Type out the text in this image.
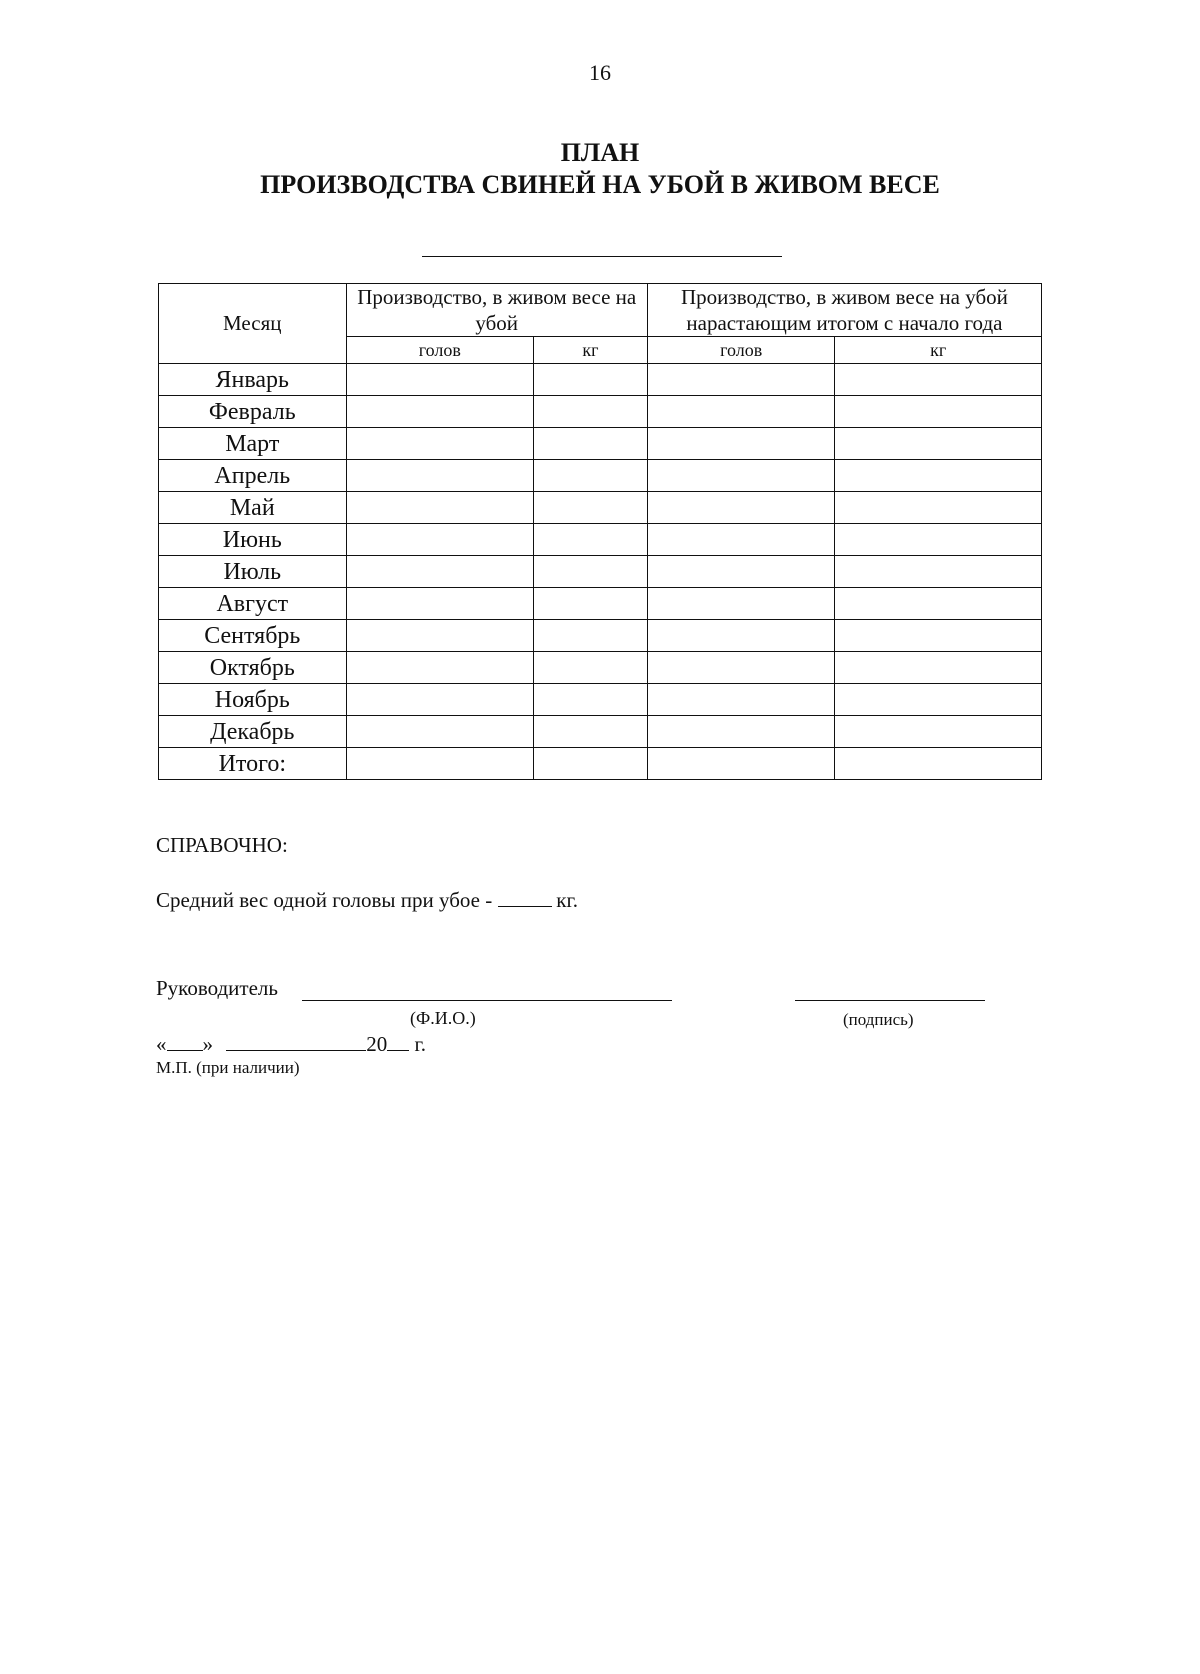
16
ПЛАН
ПРОИЗВОДСТВА СВИНЕЙ НА УБОЙ В ЖИВОМ ВЕСЕ
Месяц	Производство, в живом весе на убой		Производство, в живом весе на убой нарастающим итогом с начало года	
	голов	кг	голов	кг
Январь				
Февраль				
Март				
Апрель				
Май				
Июнь				
Июль				
Август				
Сентябрь				
Октябрь				
Ноябрь				
Декабрь				
Итого:				
СПРАВОЧНО:
Средний вес одной головы при убое -	кг.
Руководитель
(Ф.И.О.)	(подпись)
« »	20 г.
М.П. (при наличии)
